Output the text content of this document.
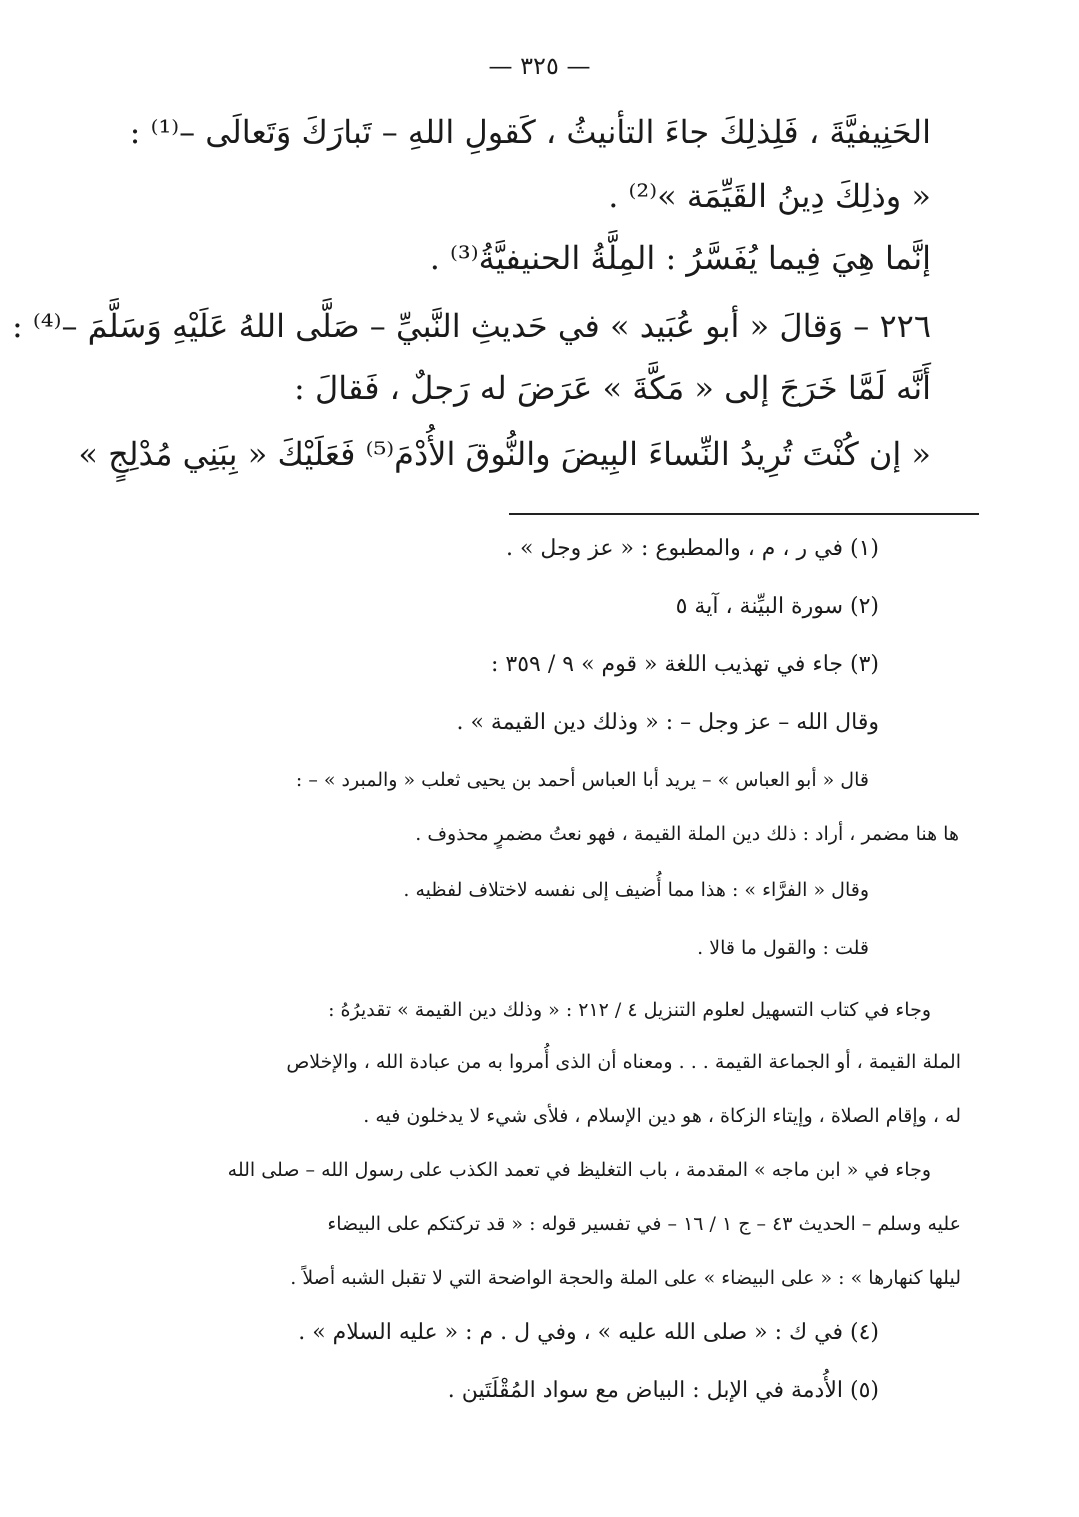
— ٣٢٥ —
الحَنِيفيَّةَ ، فَلِذلِكَ جاءَ التأنيثُ ، كَقولِ اللهِ – تَبارَكَ وَتَعالَى –⁽¹⁾ :
« وذلِكَ دِينُ القَيِّمَة »⁽²⁾ .
إنَّما هِيَ فِيما يُفَسَّرُ : المِلَّةُ الحنيفيَّةُ⁽³⁾ .
٢٢٦ – وَقالَ « أبو عُبَيد » في حَديثِ النَّبيِّ – صَلَّى اللهُ عَلَيْهِ وَسَلَّمَ –⁽⁴⁾ :
أَنَّه لَمَّا خَرَجَ إلى « مَكَّةَ » عَرَضَ له رَجلٌ ، فَقالَ :
« إن كُنْتَ تُرِيدُ النِّساءَ البِيضَ والنُّوقَ الأُدْمَ⁽⁵⁾ فَعَلَيْكَ « بِبَنِي مُدْلِجٍ »
(١) في ر ، م ، والمطبوع : « عز وجل » .
(٢) سورة البيِّنة ، آية ٥
(٣) جاء في تهذيب اللغة « قوم » ٩ / ٣٥٩ :
وقال الله – عز وجل – : « وذلك دين القيمة » .
قال « أبو العباس » – يريد أبا العباس أحمد بن يحيى ثعلب « والمبرد » – :
ها هنا مضمر ، أراد : ذلك دين الملة القيمة ، فهو نعتُ مضمرٍ محذوف .
وقال « الفرَّاء » : هذا مما أُضيف إلى نفسه لاختلاف لفظيه .
قلت : والقول ما قالا .
وجاء في كتاب التسهيل لعلوم التنزيل ٤ / ٢١٢ : « وذلك دين القيمة » تقديرُهُ :
الملة القيمة ، أو الجماعة القيمة . . . ومعناه أن الذى أُمروا به من عبادة الله ، والإخلاص
له ، وإقام الصلاة ، وإيتاء الزكاة ، هو دين الإسلام ، فلأى شيء لا يدخلون فيه .
وجاء في « ابن ماجه » المقدمة ، باب التغليظ في تعمد الكذب على رسول الله – صلى الله
عليه وسلم – الحديث ٤٣ – ج ١ / ١٦ – في تفسير قوله : « قد تركتكم على البيضاء
ليلها كنهارها » : « على البيضاء » على الملة والحجة الواضحة التي لا تقبل الشبه أصلاً .
(٤) في ك : « صلى الله عليه » ، وفي ل . م : « عليه السلام » .
(٥) الأُدمة في الإبل : البياض مع سواد المُقْلَتَين .
